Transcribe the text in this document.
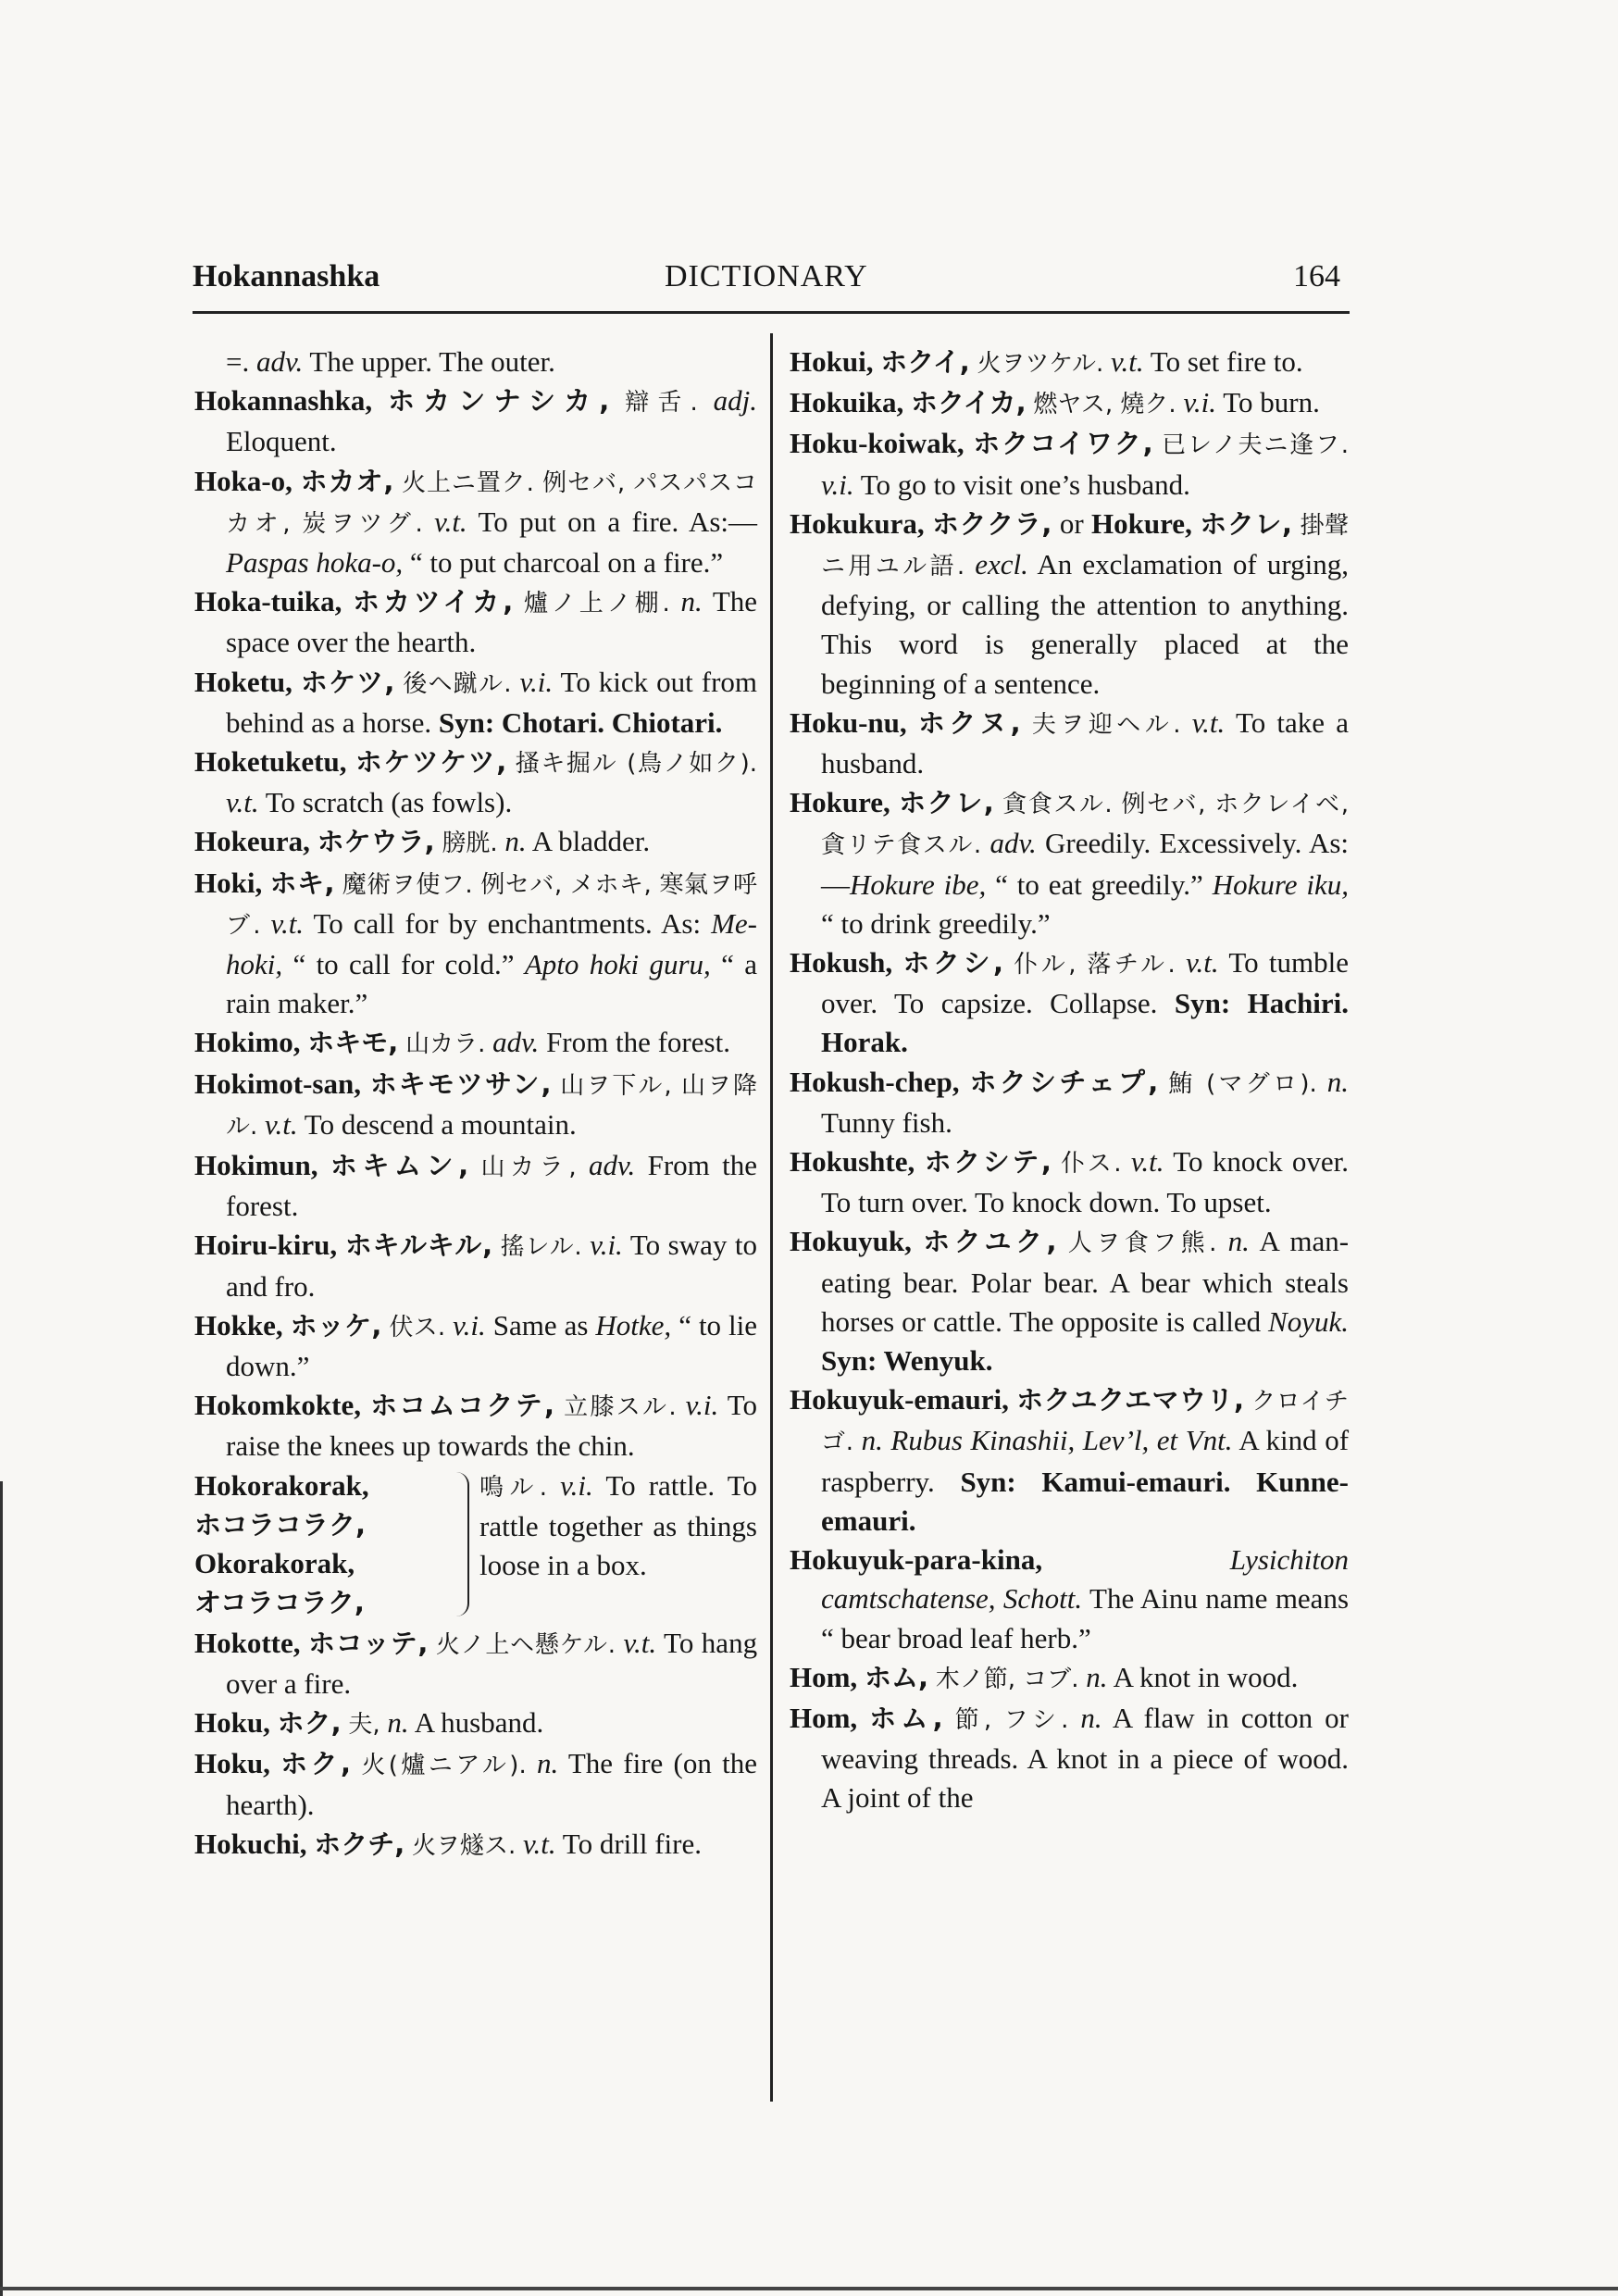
Hokannashka	DICTIONARY	164

=. adv. The upper. The outer.

Hokannashka, ホカンナシカ, 辯舌. adj. Eloquent.

Hoka-o, ホカオ, 火上ニ置ク. 例セバ, パスパスコカオ, 炭ヲツグ. v.t. To put on a fire. As:—Paspas hoka-o, “ to put charcoal on a fire.”

Hoka-tuika, ホカツイカ, 爐ノ上ノ棚. n. The space over the hearth.

Hoketu, ホケツ, 後ヘ蹴ル. v.i. To kick out from behind as a horse. Syn: Chotari. Chiotari.

Hoketuketu, ホケツケツ, 搔キ掘ル (鳥ノ如ク). v.t. To scratch (as fowls).

Hokeura, ホケウラ, 膀胱. n. A bladder.

Hoki, ホキ, 魔術ヲ使フ. 例セバ, メホキ, 寒氣ヲ呼ブ. v.t. To call for by enchantments. As: Me-hoki, “ to call for cold.” Apto hoki guru, “ a rain maker.”

Hokimo, ホキモ, 山カラ. adv. From the forest.

Hokimot-san, ホキモツサン, 山ヲ下ル, 山ヲ降ル. v.t. To descend a mountain.

Hokimun, ホキムン, 山カラ, adv. From the forest.

Hoiru-kiru, ホキルキル, 搖レル. v.i. To sway to and fro.

Hokke, ホッケ, 伏ス. v.i. Same as Hotke, “ to lie down.”

Hokomkokte, ホコムコクテ, 立膝スル. v.i. To raise the knees up towards the chin.

Hokorakorak,
ホコラコラク,
Okorakorak,
オコラコラク,
鳴ル. v.i. To rattle. To rattle together as things loose in a box.

Hokotte, ホコッテ, 火ノ上ヘ懸ケル. v.t. To hang over a fire.

Hoku, ホク, 夫, n. A husband.

Hoku, ホク, 火(爐ニアル). n. The fire (on the hearth).

Hokuchi, ホクチ, 火ヲ燧ス. v.t. To drill fire.

Hokui, ホクイ, 火ヲツケル. v.t. To set fire to.

Hokuika, ホクイカ, 燃ヤス, 燒ク. v.i. To burn.

Hoku-koiwak, ホクコイワク, 已レノ夫ニ逢フ. v.i. To go to visit one’s husband.

Hokukura, ホククラ, or Hokure, ホクレ, 掛聲ニ用ユル語. excl. An exclamation of urging, defying, or calling the attention to anything. This word is generally placed at the beginning of a sentence.

Hoku-nu, ホクヌ, 夫ヲ迎ヘル. v.t. To take a husband.

Hokure, ホクレ, 貪食スル. 例セバ, ホクレイベ, 貪リテ食スル. adv. Greedily. Excessively. As:—Hokure ibe, “ to eat greedily.” Hokure iku, “ to drink greedily.”

Hokush, ホクシ, 仆ル, 落チル. v.t. To tumble over. To capsize. Collapse. Syn: Hachiri. Horak.

Hokush-chep, ホクシチェプ, 鮪 (マグロ). n. Tunny fish.

Hokushte, ホクシテ, 仆ス. v.t. To knock over. To turn over. To knock down. To upset.

Hokuyuk, ホクユク, 人ヲ食フ熊. n. A man-eating bear. Polar bear. A bear which steals horses or cattle. The opposite is called Noyuk. Syn: Wenyuk.

Hokuyuk-emauri, ホクユクエマウリ, クロイチゴ. n. Rubus Kinashii, Lev’l, et Vnt. A kind of raspberry. Syn: Kamui-emauri. Kunne-emauri.

Hokuyuk-para-kina,	Lysichiton camtschatense, Schott. The Ainu name means “ bear broad leaf herb.”

Hom, ホム, 木ノ節, コブ. n. A knot in wood.

Hom, ホム, 節, フシ. n. A flaw in cotton or weaving threads. A knot in a piece of wood. A joint of the
